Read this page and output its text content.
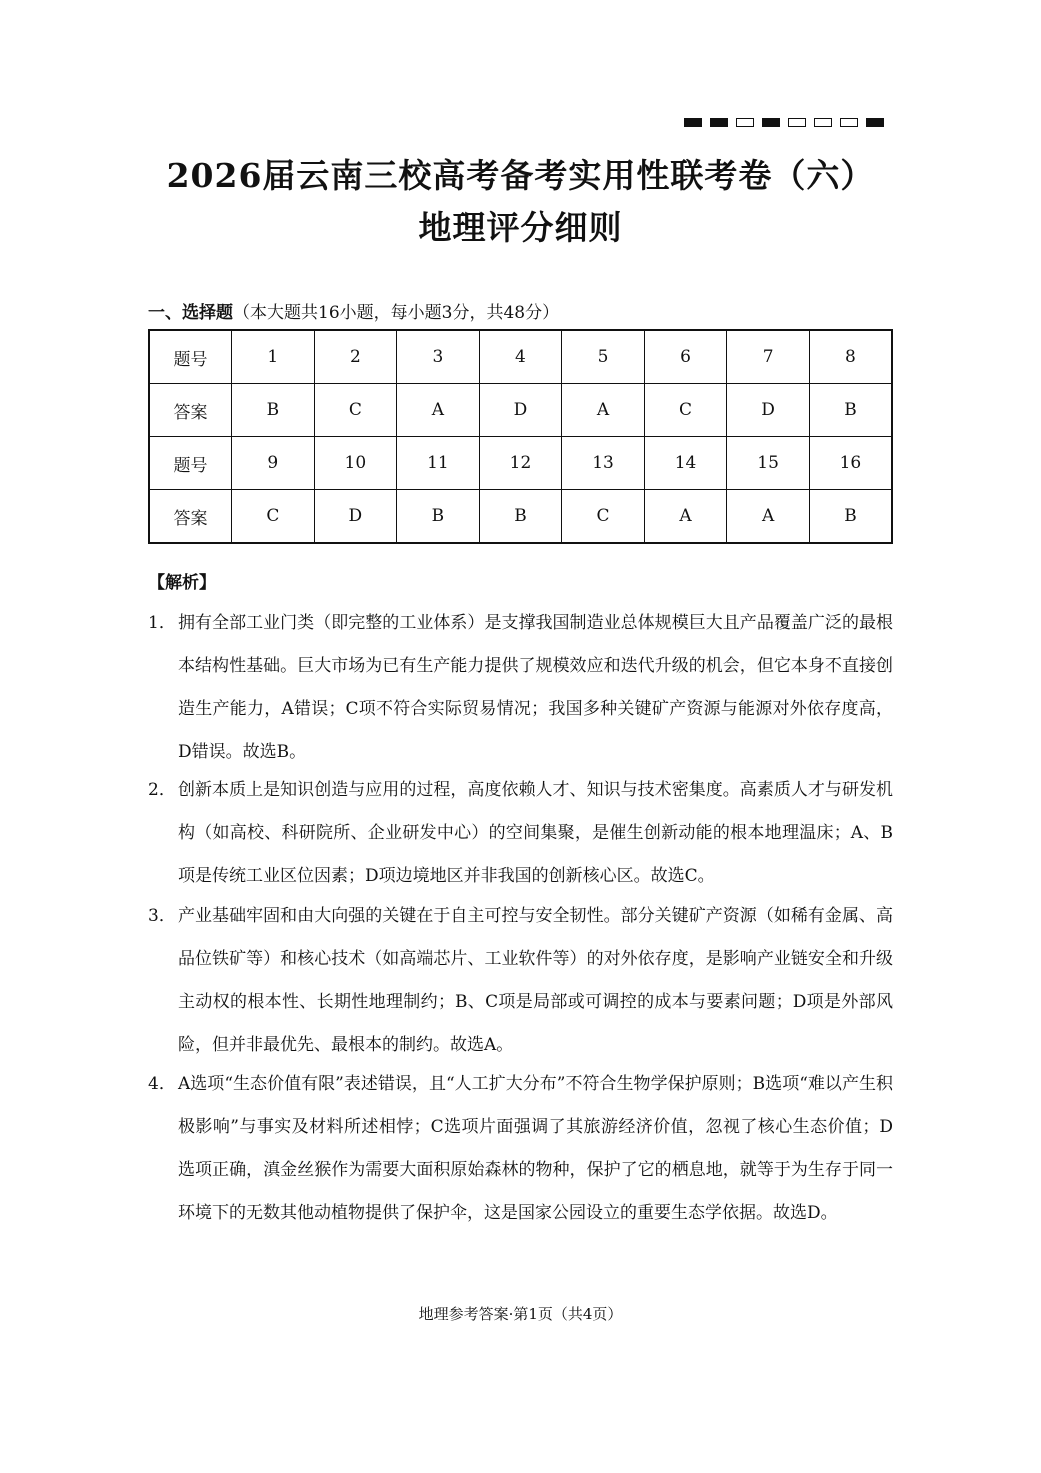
2026届云南三校高考备考实用性联考卷（六）
地理评分细则
一、选择题（本大题共16小题，每小题3分，共48分）
题号	1	2	3	4	5	6	7	8
答案	B	C	A	D	A	C	D	B
题号	9	10	11	12	13	14	15	16
答案	C	D	B	B	C	A	A	B
【解析】
1． 拥有全部工业门类（即完整的工业体系）是支撑我国制造业总体规模巨大且产品覆盖广泛的最根本结构性基础。巨大市场为已有生产能力提供了规模效应和迭代升级的机会，但它本身不直接创造生产能力，A错误；C项不符合实际贸易情况；我国多种关键矿产资源与能源对外依存度高，D错误。故选B。
2． 创新本质上是知识创造与应用的过程，高度依赖人才、知识与技术密集度。高素质人才与研发机构（如高校、科研院所、企业研发中心）的空间集聚，是催生创新动能的根本地理温床；A、B项是传统工业区位因素；D项边境地区并非我国的创新核心区。故选C。
3． 产业基础牢固和由大向强的关键在于自主可控与安全韧性。部分关键矿产资源（如稀有金属、高品位铁矿等）和核心技术（如高端芯片、工业软件等）的对外依存度，是影响产业链安全和升级主动权的根本性、长期性地理制约；B、C项是局部或可调控的成本与要素问题；D项是外部风险，但并非最优先、最根本的制约。故选A。
4． A选项“生态价值有限”表述错误，且“人工扩大分布”不符合生物学保护原则；B选项“难以产生积极影响”与事实及材料所述相悖；C选项片面强调了其旅游经济价值，忽视了核心生态价值；D选项正确，滇金丝猴作为需要大面积原始森林的物种，保护了它的栖息地，就等于为生存于同一环境下的无数其他动植物提供了保护伞，这是国家公园设立的重要生态学依据。故选D。
地理参考答案·第1页（共4页）
